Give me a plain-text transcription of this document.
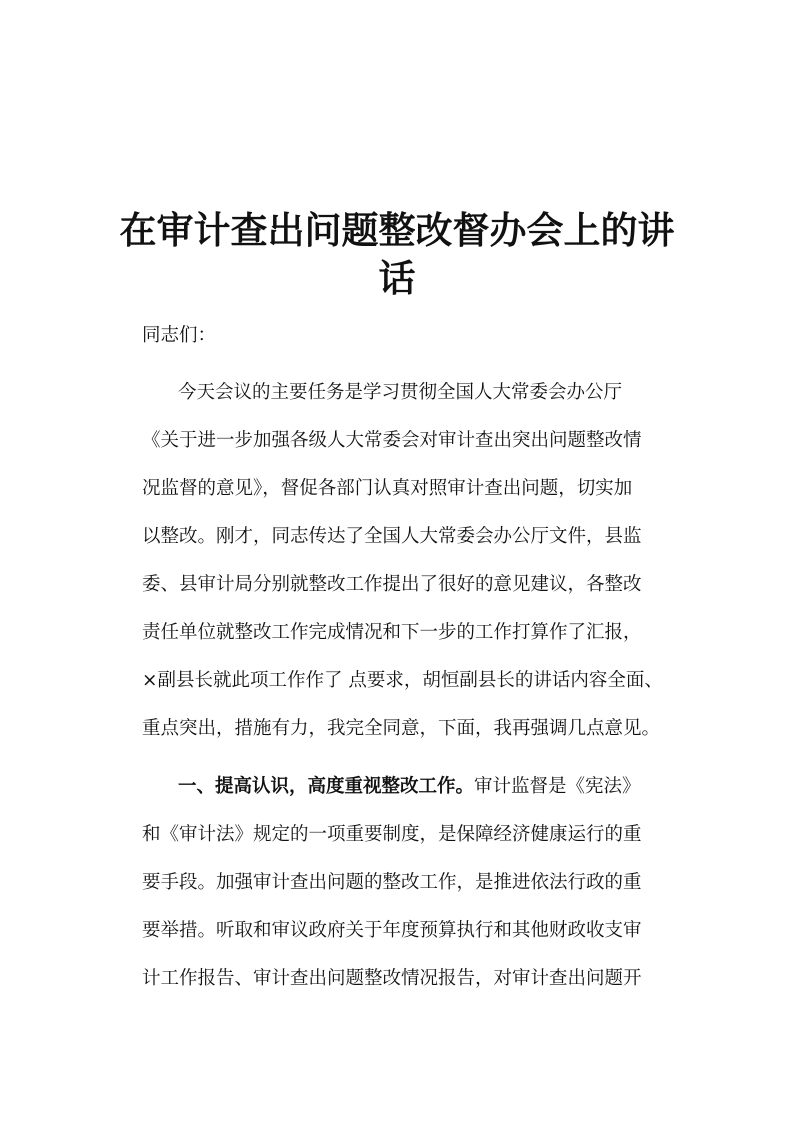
在审计查出问题整改督办会上的讲
话
同志们：
今天会议的主要任务是学习贯彻全国人大常委会办公厅
《关于进一步加强各级人大常委会对审计查出突出问题整改情
况监督的意见》，督促各部门认真对照审计查出问题，切实加
以整改。刚才，同志传达了全国人大常委会办公厅文件，县监
委、县审计局分别就整改工作提出了很好的意见建议，各整改
责任单位就整改工作完成情况和下一步的工作打算作了汇报，
×副县长就此项工作作了 点要求，胡恒副县长的讲话内容全面、
重点突出，措施有力，我完全同意，下面，我再强调几点意见。
一、提高认识，高度重视整改工作。审计监督是《宪法》
和《审计法》规定的一项重要制度，是保障经济健康运行的重
要手段。加强审计查出问题的整改工作，是推进依法行政的重
要举措。听取和审议政府关于年度预算执行和其他财政收支审
计工作报告、审计查出问题整改情况报告，对审计查出问题开
